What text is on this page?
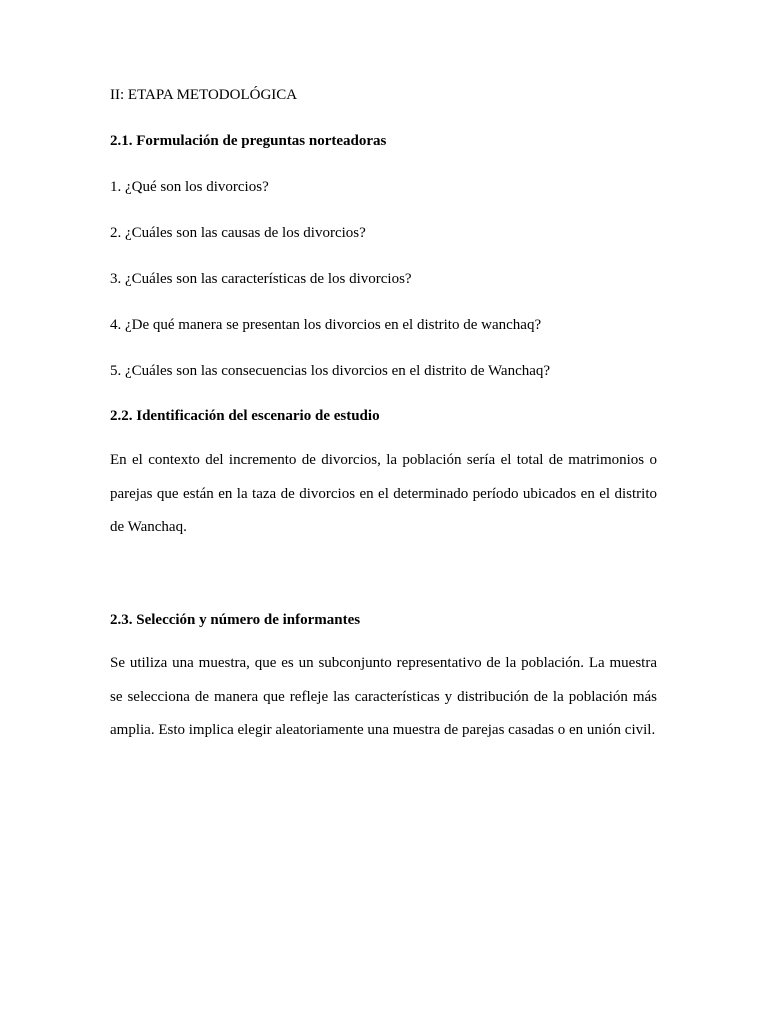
II: ETAPA METODOLÓGICA
2.1. Formulación de preguntas norteadoras
1. ¿Qué son los divorcios?
2. ¿Cuáles son las causas de los divorcios?
3. ¿Cuáles son las características de los divorcios?
4. ¿De qué manera se presentan los divorcios en el distrito de wanchaq?
5. ¿Cuáles son las consecuencias los divorcios en el distrito de Wanchaq?
2.2. Identificación del escenario de estudio

En el contexto del incremento de divorcios, la población sería el total de matrimonios o parejas que están en la taza de divorcios en el determinado período ubicados en el distrito de Wanchaq.

2.3. Selección y número de informantes

Se utiliza una muestra, que es un subconjunto representativo de la población. La muestra se selecciona de manera que refleje las características y distribución de la población más amplia. Esto implica elegir aleatoriamente una muestra de parejas casadas o en unión civil.
